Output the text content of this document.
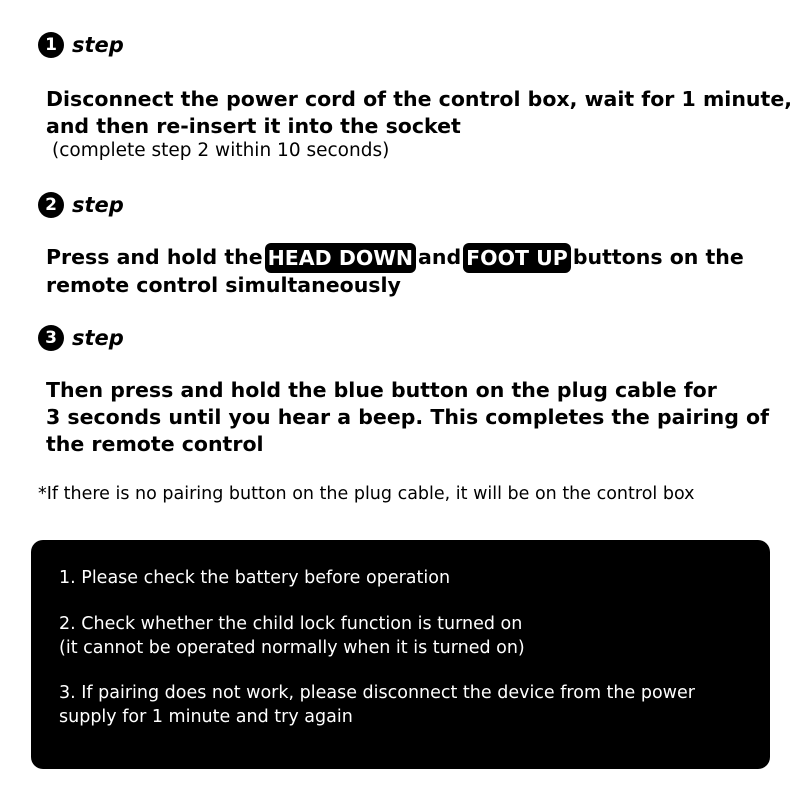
1 step
Disconnect the power cord of the control box, wait for 1 minute,
and then re-insert it into the socket
(complete step 2 within 10 seconds)
2 step
Press and hold the HEAD DOWN and FOOT UP buttons on the
remote control simultaneously
3 step
Then press and hold the blue button on the plug cable for
3 seconds until you hear a beep. This completes the pairing of
the remote control
*If there is no pairing button on the plug cable, it will be on the control box
1. Please check the battery before operation
2. Check whether the child lock function is turned on
(it cannot be operated normally when it is turned on)
3. If pairing does not work, please disconnect the device from the power
supply for 1 minute and try again
